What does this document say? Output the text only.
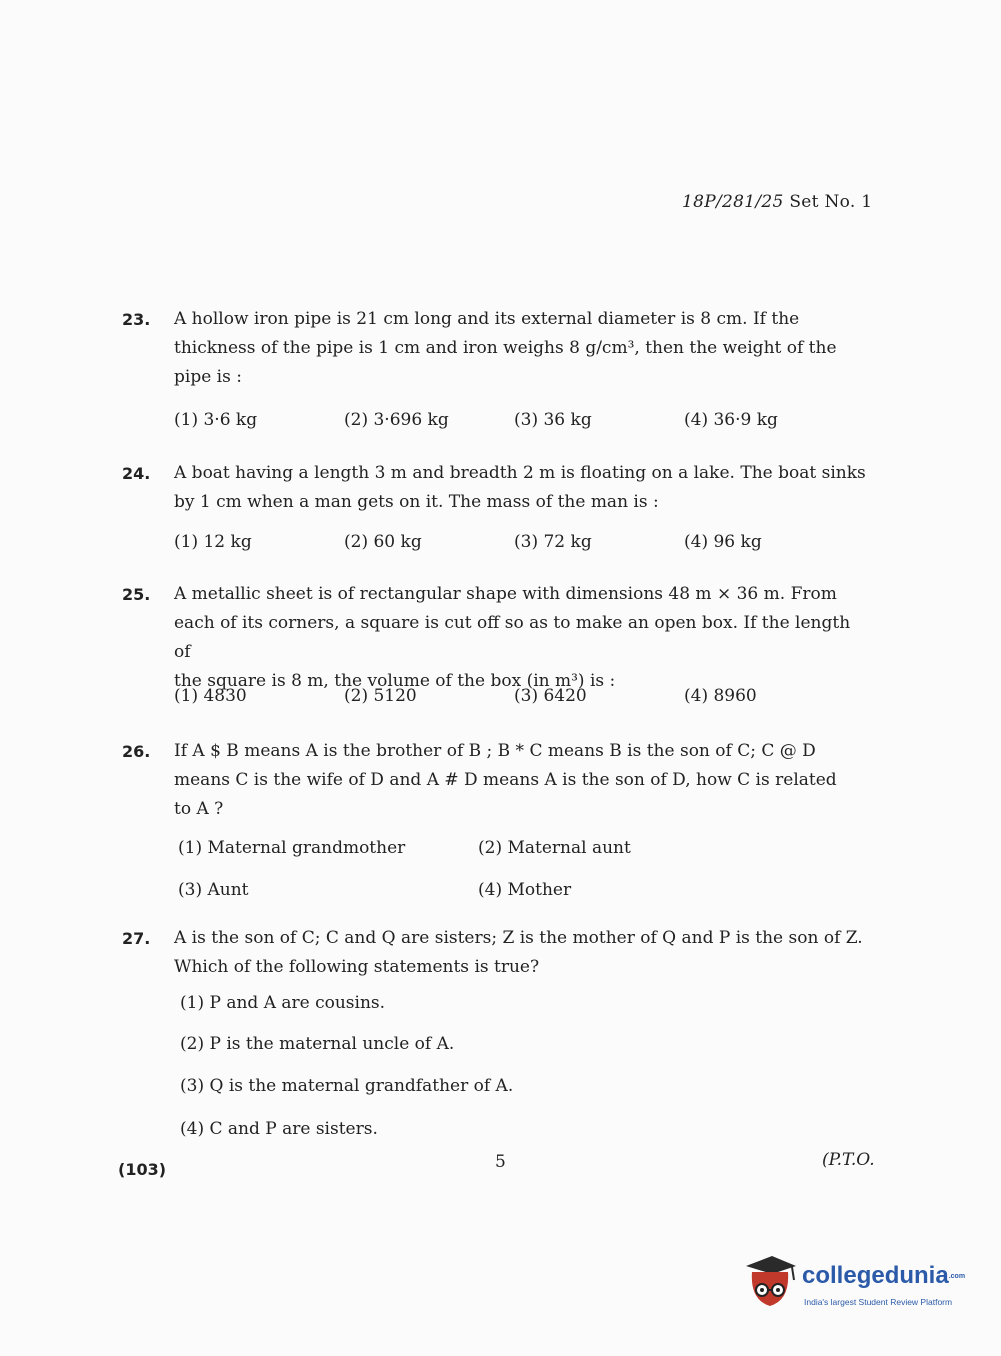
18P/281/25 Set No. 1
23. A hollow iron pipe is 21 cm long and its external diameter is 8 cm. If the
thickness of the pipe is 1 cm and iron weighs 8 g/cm³, then the weight of the
pipe is :
(1) 3·6 kg	(2) 3·696 kg	(3) 36 kg	(4) 36·9 kg
24. A boat having a length 3 m and breadth 2 m is floating on a lake. The boat sinks
by 1 cm when a man gets on it. The mass of the man is :
(1) 12 kg	(2) 60 kg	(3) 72 kg	(4) 96 kg
25. A metallic sheet is of rectangular shape with dimensions 48 m × 36 m. From
each of its corners, a square is cut off so as to make an open box. If the length of
the square is 8 m, the volume of the box (in m³) is :
(1) 4830	(2) 5120	(3) 6420	(4) 8960
26. If A $ B means A is the brother of B ; B * C means B is the son of C; C @ D
means C is the wife of D and A # D means A is the son of D, how C is related
to A ?
(1) Maternal grandmother	(2) Maternal aunt
(3) Aunt	(4) Mother
27. A is the son of C; C and Q are sisters; Z is the mother of Q and P is the son of Z.
Which of the following statements is true?
(1) P and A are cousins.
(2) P is the maternal uncle of A.
(3) Q is the maternal grandfather of A.
(4) C and P are sisters.
(103)	5	(P.T.O.
collegedunia.com
India's largest Student Review Platform
